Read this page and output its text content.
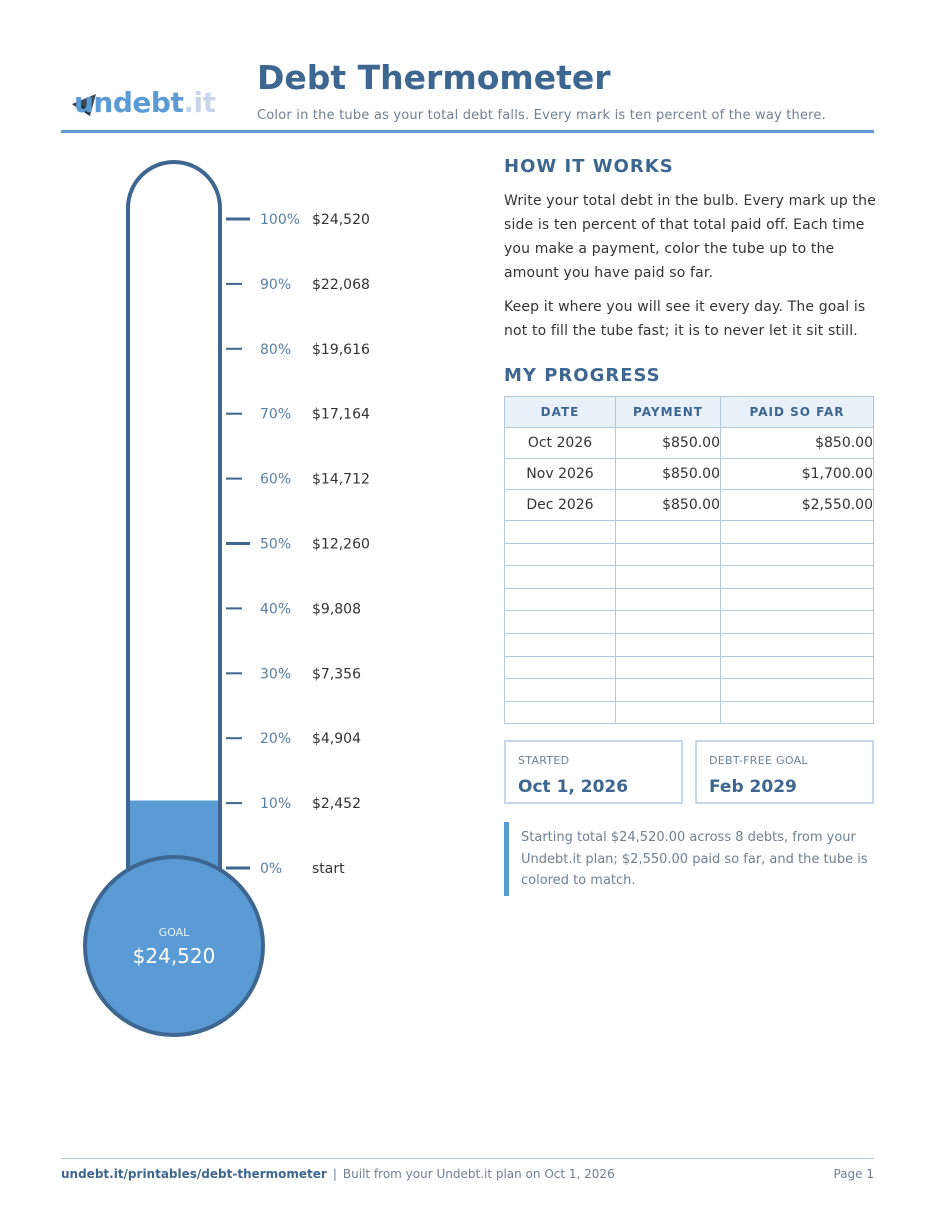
undebt.it
Debt Thermometer
Color in the tube as your total debt falls. Every mark is ten percent of the way there.
100% $24,520
90% $22,068
80% $19,616
70% $17,164
60% $14,712
50% $12,260
40% $9,808
30% $7,356
20% $4,904
10% $2,452
0% start
GOAL
$24,520
HOW IT WORKS
Write your total debt in the bulb. Every mark up the side is ten percent of that total paid off. Each time you make a payment, color the tube up to the amount you have paid so far.
Keep it where you will see it every day. The goal is not to fill the tube fast; it is to never let it sit still.
MY PROGRESS
DATE	PAYMENT	PAID SO FAR
Oct 2026	$850.00	$850.00
Nov 2026	$850.00	$1,700.00
Dec 2026	$850.00	$2,550.00

STARTED
Oct 1, 2026
DEBT-FREE GOAL
Feb 2029
Starting total $24,520.00 across 8 debts, from your Undebt.it plan; $2,550.00 paid so far, and the tube is colored to match.
undebt.it/printables/debt-thermometer | Built from your Undebt.it plan on Oct 1, 2026	Page 1
